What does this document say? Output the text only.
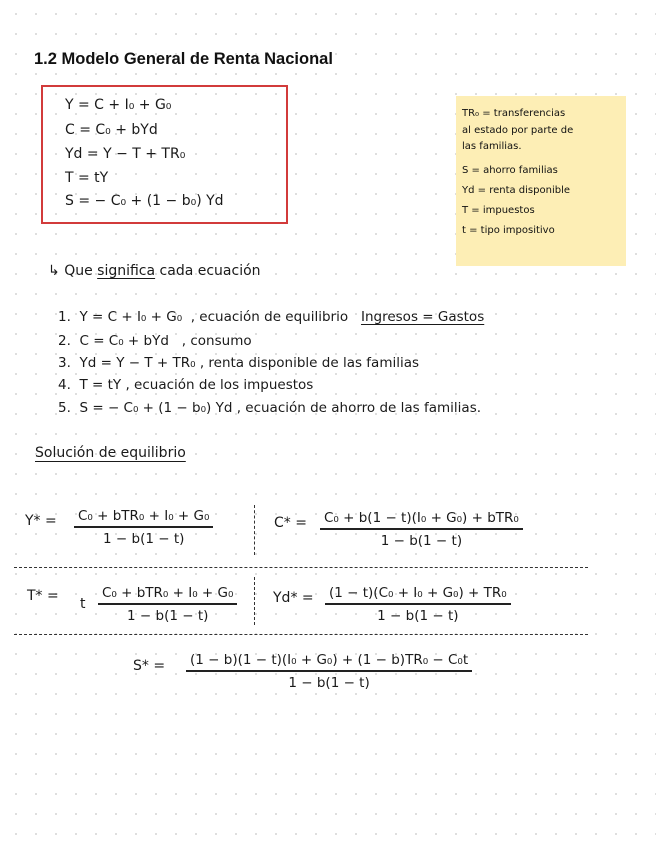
1.2 Modelo General de Renta Nacional
Y = C + I₀ + G₀
C = C₀ + bYd
Yd = Y − T + TR₀
T = tY
S = − C₀ + (1 − b₀) Yd
TR₀ = transferencias
al estado por parte de
las familias.
S = ahorro familias
Yd = renta disponible
T = impuestos
t = tipo impositivo
↳ Que significa cada ecuación
1. Y = C + I₀ + G₀ , ecuación de equilibrio Ingresos = Gastos
2. C = C₀ + bYd , consumo
3. Yd = Y − T + TR₀ , renta disponible de las familias
4. T = tY , ecuación de los impuestos
5. S = − C₀ + (1 − b₀) Yd , ecuación de ahorro de las familias.
Solución de equilibrio
Y* = C₀ + bTR₀ + I₀ + G₀
1 − b(1 − t)
C* = C₀ + b(1 − t)(I₀ + G₀) + bTR₀
1 − b(1 − t)
T* = t
C₀ + bTR₀ + I₀ + G₀
1 − b(1 − t)
Yd* = (1 − t)(C₀ + I₀ + G₀) + TR₀
1 − b(1 − t)
S* = (1 − b)(1 − t)(I₀ + G₀) + (1 − b)TR₀ − C₀t
1 − b(1 − t)
